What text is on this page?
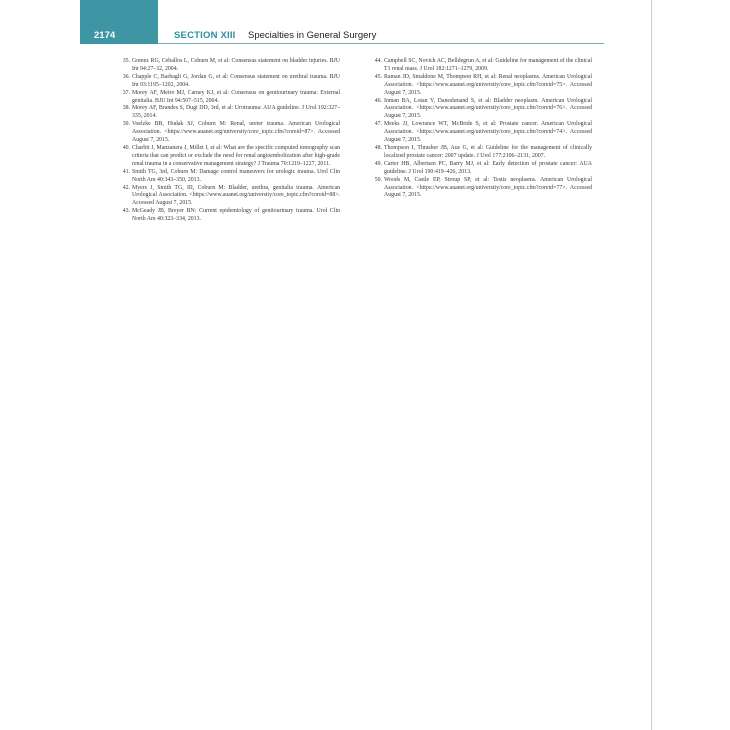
2174	SECTION XIII Specialties in General Surgery

35. Gomez RG, Ceballos L, Coburn M, et al: Consensus statement on bladder injuries. BJU Int 94:27–32, 2004.

36. Chapple C, Barbagli G, Jordan G, et al: Consensus statement on urethral trauma. BJU Int 93:1195–1202, 2004.

37. Morey AF, Metro MJ, Carney KJ, et al: Consensus on genitourinary trauma: External genitalia. BJU Int 94:507–515, 2004.

38. Morey AF, Brandes S, Dugi DD, 3rd, et al: Urotrauma: AUA guideline. J Urol 192:327–335, 2014.

39. Voelzke BB, Hudak SJ, Coburn M: Renal, ureter trauma. American Urological Association. <https://www.auanet.org/university/core_topic.cfm?coreid=87>. Accessed August 7, 2015.

40. Charbit J, Manzanera J, Millet I, et al: What are the specific computed tomography scan criteria that can predict or exclude the need for renal angioembolization after high-grade renal trauma in a conservative management strategy? J Trauma 70:1219–1227, 2011.

41. Smith TG, 3rd, Coburn M: Damage control maneuvers for urologic trauma. Urol Clin North Am 40:343–350, 2013.

42. Myers J, Smith TG, III, Coburn M: Bladder, urethra, genitalia trauma. American Urological Association. <https://www.auanet.org/university/core_topic.cfm?coreid=88>. Accessed August 7, 2015.

43. McGeady JB, Breyer BN: Current epidemiology of genitourinary trauma. Urol Clin North Am 40:323–334, 2013.

44. Campbell SC, Novick AC, Belldegrun A, et al: Guideline for management of the clinical T1 renal mass. J Urol 182:1271–1279, 2009.

45. Raman JD, Smaldone M, Thompson RH, et al: Renal neoplasms. American Urological Association. <https://www.auanet.org/university/core_topic.cfm?coreid=75>. Accessed August 7, 2015.

46. Inman BA, Lotan Y, Daneshmand S, et al: Bladder neoplasm. American Urological Association. <https://www.auanet.org/university/core_topic.cfm?coreid=76>. Accessed August 7, 2015.

47. Meeks JJ, Lowrance WT, McBride S, et al: Prostate cancer. American Urological Association. <https://www.auanet.org/university/core_topic.cfm?coreid=74>. Accessed August 7, 2015.

48. Thompson I, Thrasher JB, Aus G, et al: Guideline for the management of clinically localized prostate cancer: 2007 update. J Urol 177:2106–2131, 2007.

49. Carter HB, Albertsen PC, Barry MJ, et al: Early detection of prostate cancer: AUA guideline. J Urol 190:419–426, 2013.

50. Woods M, Castle EP, Stroup SP, et al: Testis neoplasms. American Urological Association. <https://www.auanet.org/university/core_topic.cfm?coreid=77>. Accessed August 7, 2015.
